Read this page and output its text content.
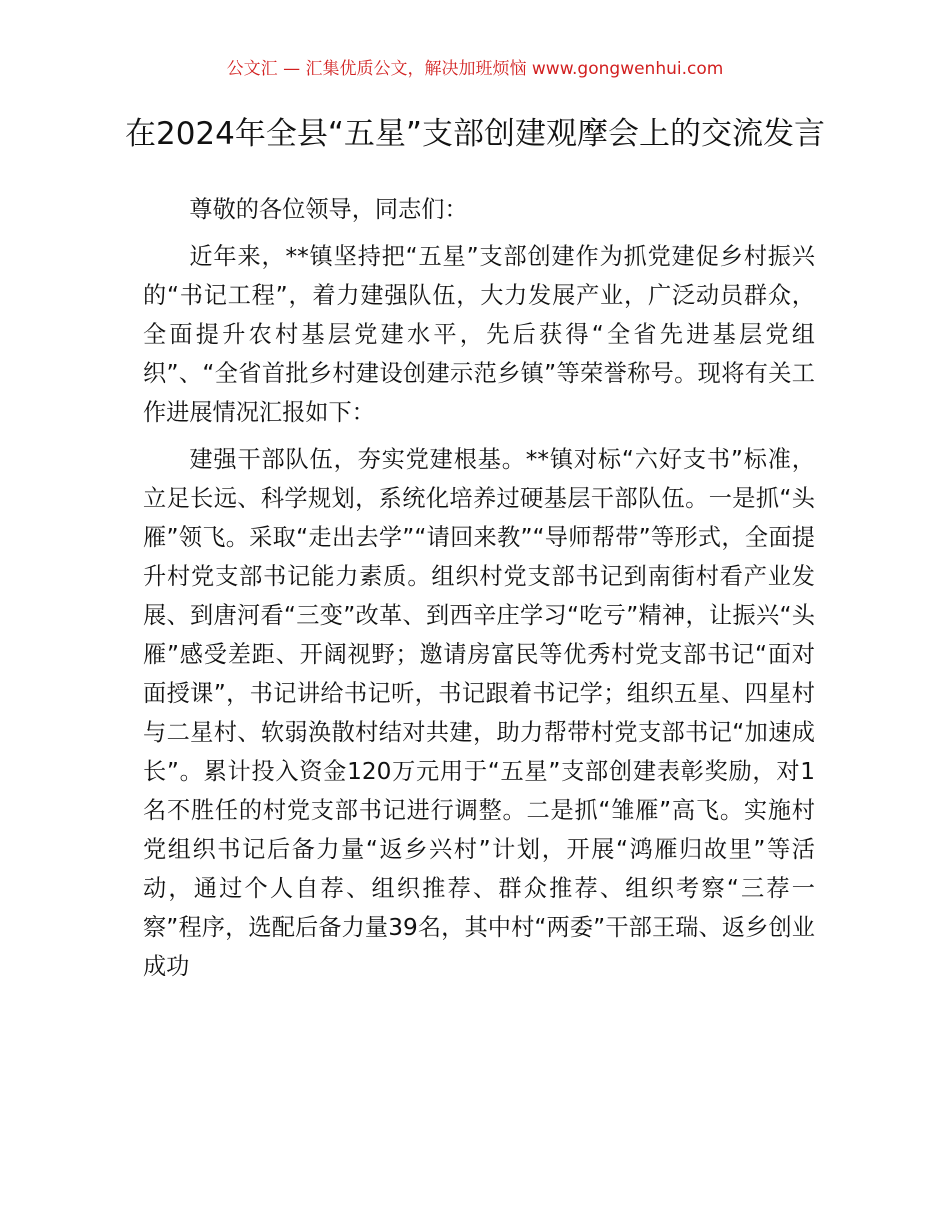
公文汇 — 汇集优质公文，解决加班烦恼 www.gongwenhui.com
在2024年全县“五星”支部创建观摩会上的交流发言

尊敬的各位领导，同志们：

近年来，**镇坚持把“五星”支部创建作为抓党建促乡村振兴的“书记工程”，着力建强队伍，大力发展产业，广泛动员群众，全面提升农村基层党建水平，先后获得“全省先进基层党组织”、“全省首批乡村建设创建示范乡镇”等荣誉称号。现将有关工作进展情况汇报如下：

建强干部队伍，夯实党建根基。**镇对标“六好支书”标准，立足长远、科学规划，系统化培养过硬基层干部队伍。一是抓“头雁”领飞。采取“走出去学”“请回来教”“导师帮带”等形式，全面提升村党支部书记能力素质。组织村党支部书记到南街村看产业发展、到唐河看“三变”改革、到西辛庄学习“吃亏”精神，让振兴“头雁”感受差距、开阔视野；邀请房富民等优秀村党支部书记“面对面授课”，书记讲给书记听，书记跟着书记学；组织五星、四星村与二星村、软弱涣散村结对共建，助力帮带村党支部书记“加速成长”。累计投入资金120万元用于“五星”支部创建表彰奖励，对1名不胜任的村党支部书记进行调整。二是抓“雏雁”高飞。实施村党组织书记后备力量“返乡兴村”计划，开展“鸿雁归故里”等活动，通过个人自荐、组织推荐、群众推荐、组织考察“三荐一察”程序，选配后备力量39名，其中村“两委”干部王瑞、返乡创业成功
